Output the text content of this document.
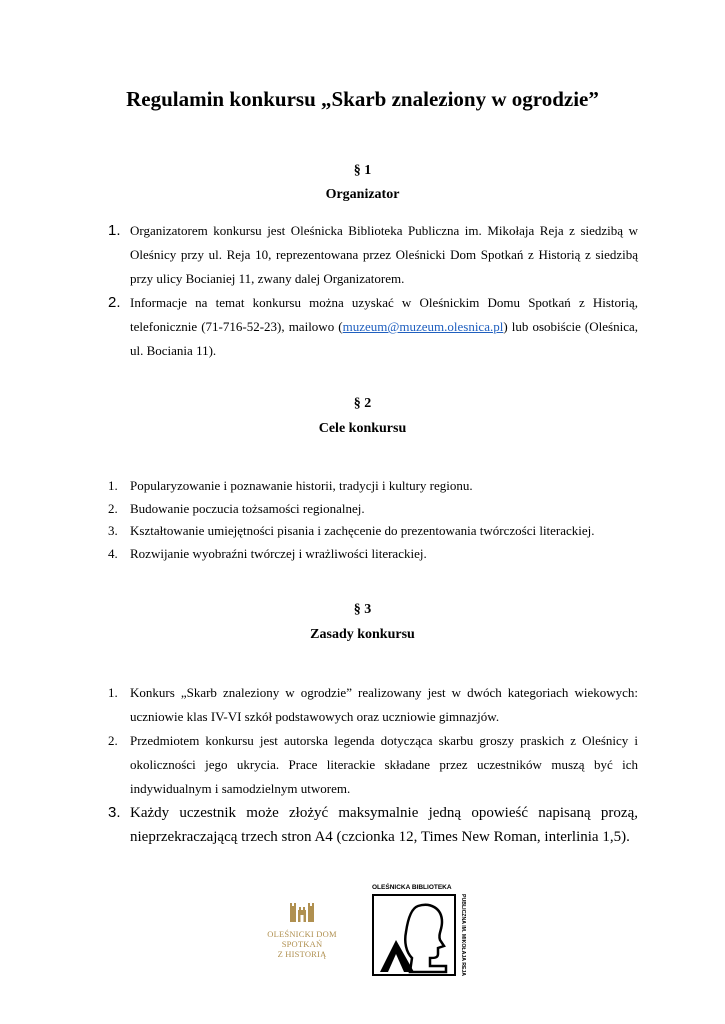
Regulamin konkursu „Skarb znaleziony w ogrodzie”
§ 1
Organizator
1. Organizatorem konkursu jest Oleśnicka Biblioteka Publiczna im. Mikołaja Reja z siedzibą w Oleśnicy przy ul. Reja 10, reprezentowana przez Oleśnicki Dom Spotkań z Historią z siedzibą przy ulicy Bocianiej 11, zwany dalej Organizatorem.
2. Informacje na temat konkursu można uzyskać w Oleśnickim Domu Spotkań z Historią, telefonicznie (71-716-52-23), mailowo (muzeum@muzeum.olesnica.pl) lub osobiście (Oleśnica, ul. Bociania 11).
§ 2
Cele konkursu
1. Popularyzowanie i poznawanie historii, tradycji i kultury regionu.
2. Budowanie poczucia tożsamości regionalnej.
3. Kształtowanie umiejętności pisania i zachęcenie do prezentowania twórczości literackiej.
4. Rozwijanie wyobraźni twórczej i wrażliwości literackiej.
§ 3
Zasady konkursu
1. Konkurs „Skarb znaleziony w ogrodzie” realizowany jest w dwóch kategoriach wiekowych: uczniowie klas IV-VI szkół podstawowych oraz uczniowie gimnazjów.
2. Przedmiotem konkursu jest autorska legenda dotycząca skarbu groszy praskich z Oleśnicy i okoliczności jego ukrycia. Prace literackie składane przez uczestników muszą być ich indywidualnym i samodzielnym utworem.
3. Każdy uczestnik może złożyć maksymalnie jedną opowieść napisaną prozą, nieprzekraczającą trzech stron A4 (czcionka 12, Times New Roman, interlinia 1,5).
OLEŚNICKI DOM SPOTKAŃ
Z HISTORIĄ
OLEŚNICKA BIBLIOTEKA
PUBLICZNA IM. MIKOŁAJA REJA
